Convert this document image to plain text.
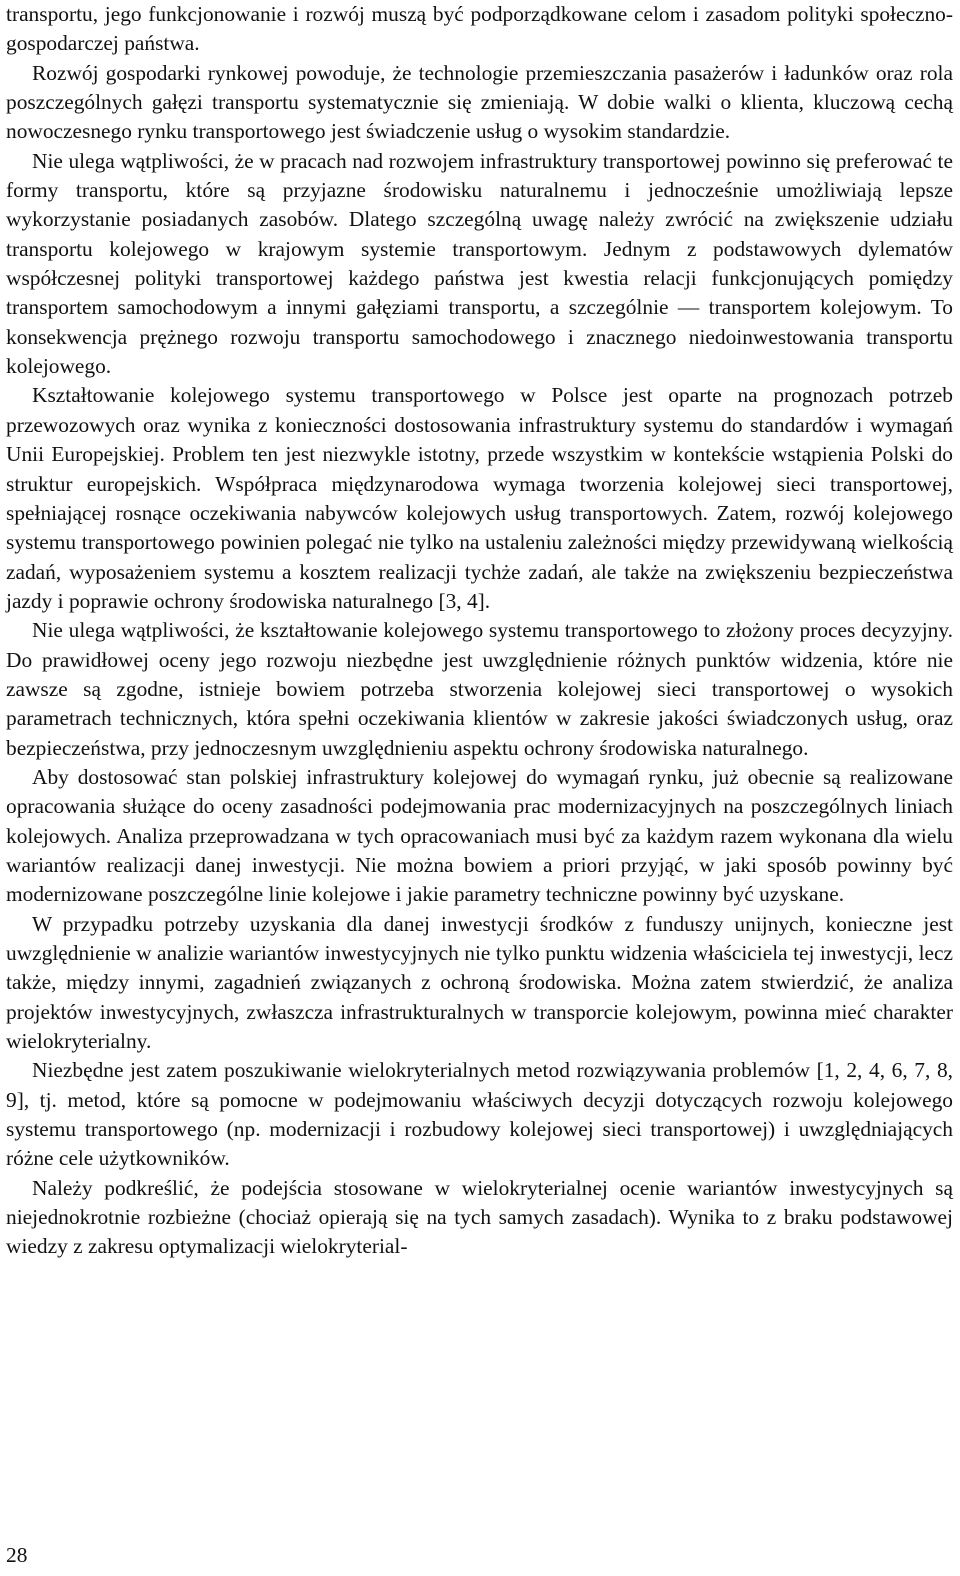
transportu, jego funkcjonowanie i rozwój muszą być podporządkowane celom i zasadom polityki społeczno-gospodarczej państwa.

Rozwój gospodarki rynkowej powoduje, że technologie przemieszczania pasażerów i ładunków oraz rola poszczególnych gałęzi transportu systematycznie się zmieniają. W dobie walki o klienta, kluczową cechą nowoczesnego rynku transportowego jest świadczenie usług o wysokim standardzie.

Nie ulega wątpliwości, że w pracach nad rozwojem infrastruktury transportowej powinno się preferować te formy transportu, które są przyjazne środowisku naturalnemu i jednocześnie umożliwiają lepsze wykorzystanie posiadanych zasobów. Dlatego szczególną uwagę należy zwrócić na zwiększenie udziału transportu kolejowego w krajowym systemie transportowym. Jednym z podstawowych dylematów współczesnej polityki transportowej każdego państwa jest kwestia relacji funkcjonujących pomiędzy transportem samochodowym a innymi gałęziami transportu, a szczególnie — transportem kolejowym. To konsekwencja prężnego rozwoju transportu samochodowego i znacznego niedoinwestowania transportu kolejowego.

Kształtowanie kolejowego systemu transportowego w Polsce jest oparte na prognozach potrzeb przewozowych oraz wynika z konieczności dostosowania infrastruktury systemu do standardów i wymagań Unii Europejskiej. Problem ten jest niezwykle istotny, przede wszystkim w kontekście wstąpienia Polski do struktur europejskich. Współpraca międzynarodowa wymaga tworzenia kolejowej sieci transportowej, spełniającej rosnące oczekiwania nabywców kolejowych usług transportowych. Zatem, rozwój kolejowego systemu transportowego powinien polegać nie tylko na ustaleniu zależności między przewidywaną wielkością zadań, wyposażeniem systemu a kosztem realizacji tychże zadań, ale także na zwiększeniu bezpieczeństwa jazdy i poprawie ochrony środowiska naturalnego [3, 4].

Nie ulega wątpliwości, że kształtowanie kolejowego systemu transportowego to złożony proces decyzyjny. Do prawidłowej oceny jego rozwoju niezbędne jest uwzględnienie różnych punktów widzenia, które nie zawsze są zgodne, istnieje bowiem potrzeba stworzenia kolejowej sieci transportowej o wysokich parametrach technicznych, która spełni oczekiwania klientów w zakresie jakości świadczonych usług, oraz bezpieczeństwa, przy jednoczesnym uwzględnieniu aspektu ochrony środowiska naturalnego.

Aby dostosować stan polskiej infrastruktury kolejowej do wymagań rynku, już obecnie są realizowane opracowania służące do oceny zasadności podejmowania prac modernizacyjnych na poszczególnych liniach kolejowych. Analiza przeprowadzana w tych opracowaniach musi być za każdym razem wykonana dla wielu wariantów realizacji danej inwestycji. Nie można bowiem a priori przyjąć, w jaki sposób powinny być modernizowane poszczególne linie kolejowe i jakie parametry techniczne powinny być uzyskane.

W przypadku potrzeby uzyskania dla danej inwestycji środków z funduszy unijnych, konieczne jest uwzględnienie w analizie wariantów inwestycyjnych nie tylko punktu widzenia właściciela tej inwestycji, lecz także, między innymi, zagadnień związanych z ochroną środowiska. Można zatem stwierdzić, że analiza projektów inwestycyjnych, zwłaszcza infrastrukturalnych w transporcie kolejowym, powinna mieć charakter wielokryterialny.

Niezbędne jest zatem poszukiwanie wielokryterialnych metod rozwiązywania problemów [1, 2, 4, 6, 7, 8, 9], tj. metod, które są pomocne w podejmowaniu właściwych decyzji dotyczących rozwoju kolejowego systemu transportowego (np. modernizacji i rozbudowy kolejowej sieci transportowej) i uwzględniających różne cele użytkowników.

Należy podkreślić, że podejścia stosowane w wielokryterialnej ocenie wariantów inwestycyjnych są niejednokrotnie rozbieżne (chociaż opierają się na tych samych zasadach). Wynika to z braku podstawowej wiedzy z zakresu optymalizacji wielokryterial-

28
